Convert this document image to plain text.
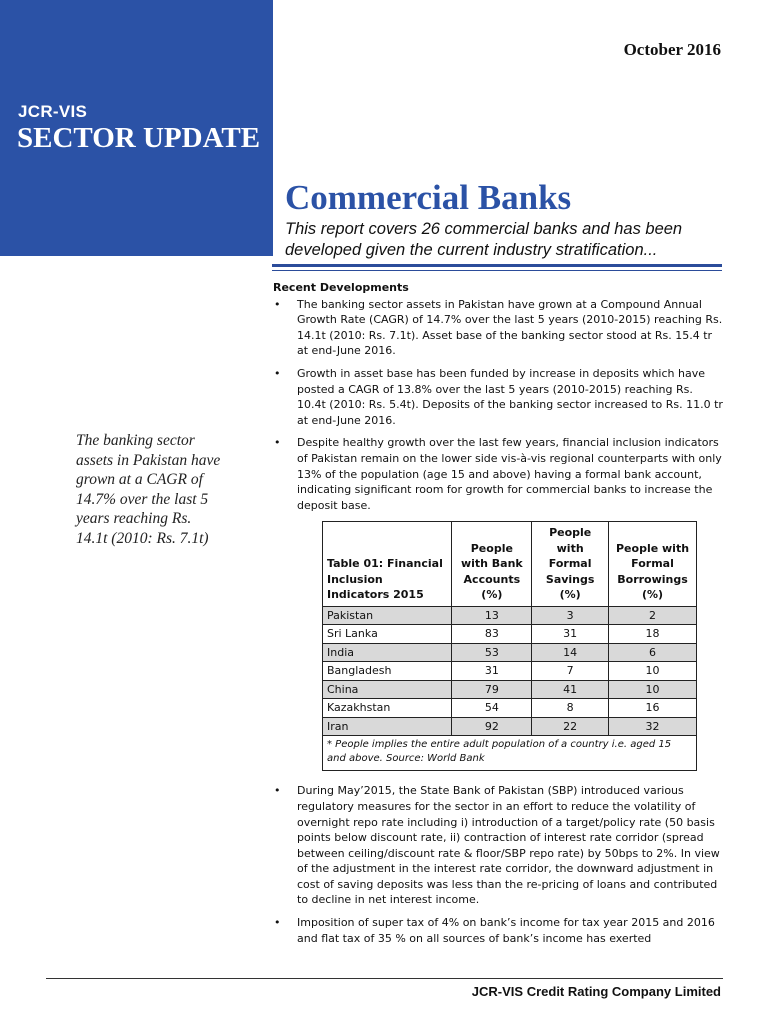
JCR-VIS
SECTOR UPDATE
October 2016
Commercial Banks

This report covers 26 commercial banks and has been developed given the current industry stratification...

The banking sector assets in Pakistan have grown at a CAGR of 14.7% over the last 5 years reaching Rs. 14.1t (2010: Rs. 7.1t)

Recent Developments
• The banking sector assets in Pakistan have grown at a Compound Annual Growth Rate (CAGR) of 14.7% over the last 5 years (2010-2015) reaching Rs. 14.1t (2010: Rs. 7.1t). Asset base of the banking sector stood at Rs. 15.4 tr at end-June 2016.
• Growth in asset base has been funded by increase in deposits which have posted a CAGR of 13.8% over the last 5 years (2010-2015) reaching Rs. 10.4t (2010: Rs. 5.4t). Deposits of the banking sector increased to Rs. 11.0 tr at end-June 2016.
• Despite healthy growth over the last few years, financial inclusion indicators of Pakistan remain on the lower side vis-à-vis regional counterparts with only 13% of the population (age 15 and above) having a formal bank account, indicating significant room for growth for commercial banks to increase the deposit base.
Table 01: Financial Inclusion Indicators 2015	People with Bank Accounts (%)	People with Formal Savings (%)	People with Formal Borrowings (%)
Pakistan	13	3	2
Sri Lanka	83	31	18
India	53	14	6
Bangladesh	31	7	10
China	79	41	10
Kazakhstan	54	8	16
Iran	92	22	32
* People implies the entire adult population of a country i.e. aged 15 and above. Source: World Bank
• During May’2015, the State Bank of Pakistan (SBP) introduced various regulatory measures for the sector in an effort to reduce the volatility of overnight repo rate including i) introduction of a target/policy rate (50 basis points below discount rate, ii) contraction of interest rate corridor (spread between ceiling/discount rate & floor/SBP repo rate) by 50bps to 2%. In view of the adjustment in the interest rate corridor, the downward adjustment in cost of saving deposits was less than the re-pricing of loans and contributed to decline in net interest income.
• Imposition of super tax of 4% on bank’s income for tax year 2015 and 2016 and flat tax of 35 % on all sources of bank’s income has exerted
JCR-VIS Credit Rating Company Limited
